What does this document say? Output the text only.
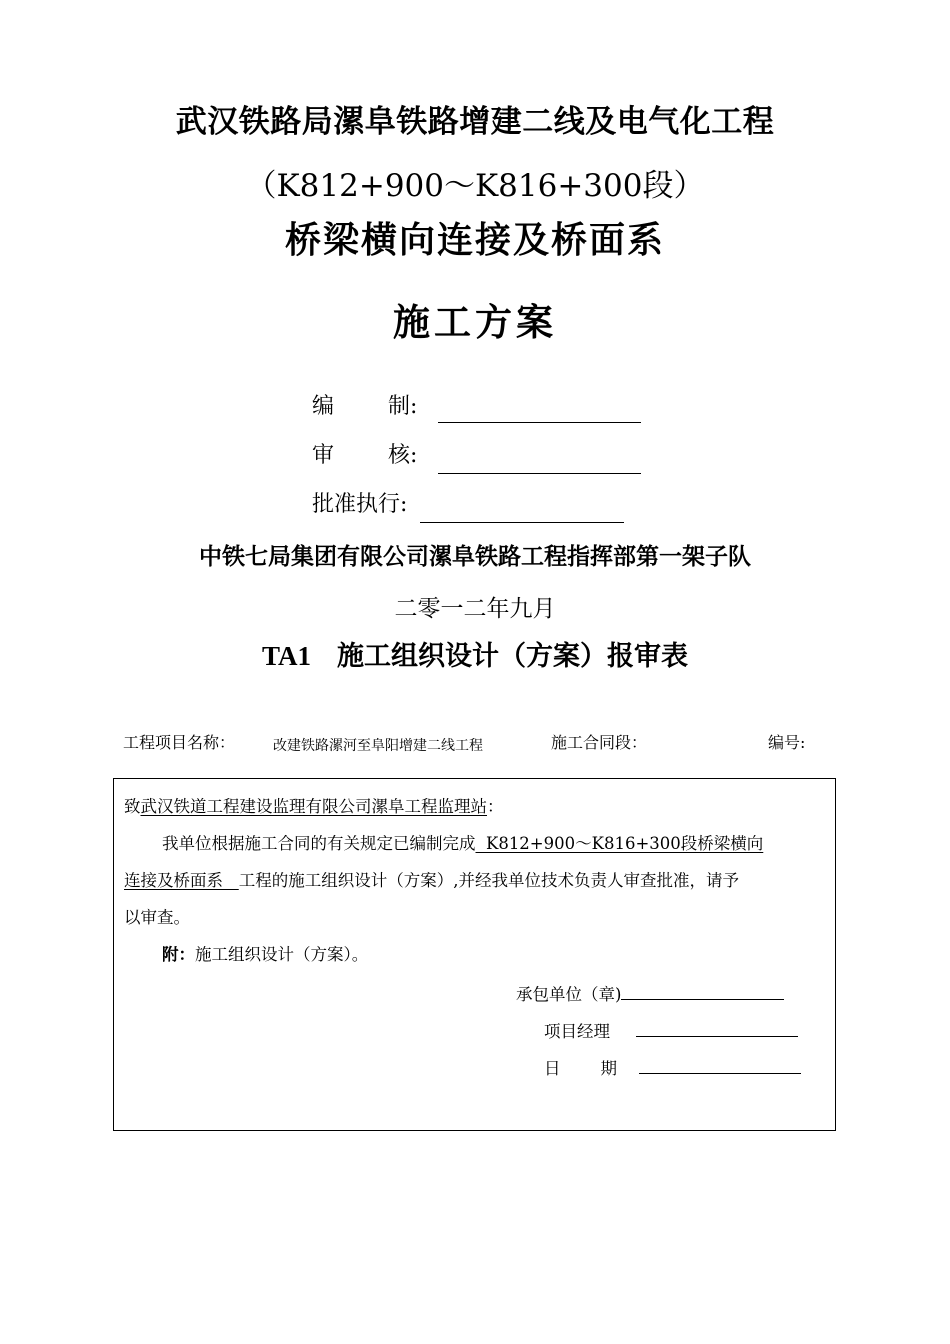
武汉铁路局漯阜铁路增建二线及电气化工程
（K812+900～K816+300段）
桥梁横向连接及桥面系
施工方案
编 制:
审 核:
批准执行:
中铁七局集团有限公司漯阜铁路工程指挥部第一架子队
二零一二年九月
TA1 施工组织设计（方案）报审表
工程项目名称：	改建铁路漯河至阜阳增建二线工程	施工合同段：	编号:
致武汉铁道工程建设监理有限公司漯阜工程监理站：
我单位根据施工合同的有关规定已编制完成  K812+900～K816+300段桥梁横向
连接及桥面系   工程的施工组织设计（方案）,并经我单位技术负责人审查批准，请予
以审查。
附：施工组织设计（方案）。
承包单位（章)
项目经理
日 期
